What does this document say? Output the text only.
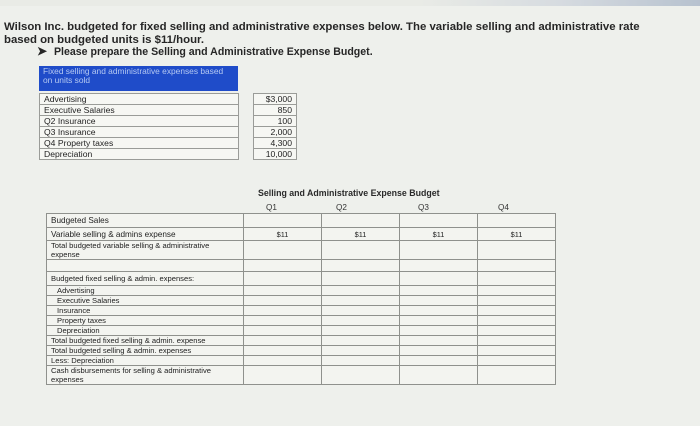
Wilson Inc. budgeted for fixed selling and administrative expenses below. The variable selling and administrative rate based on budgeted units is $11/hour.
➤ Please prepare the Selling and Administrative Expense Budget.
Fixed selling and administrative expenses based on units sold
Advertising		$3,000
Executive Salaries		850
Q2 Insurance		100
Q3 Insurance		2,000
Q4 Property taxes		4,300
Depreciation		10,000
Selling and Administrative Expense Budget
Q1	Q2	Q3	Q4
Budgeted Sales				
Variable selling & admins expense	$11	$11	$11	$11
Total budgeted variable selling & administrative expense				

Budgeted fixed selling & admin. expenses:				
Advertising				
Executive Salaries				
Insurance				
Property taxes				
Depreciation				
Total budgeted fixed selling & admin. expense				
Total budgeted selling & admin. expenses				
Less: Depreciation				
Cash disbursements for selling & administrative expenses				
